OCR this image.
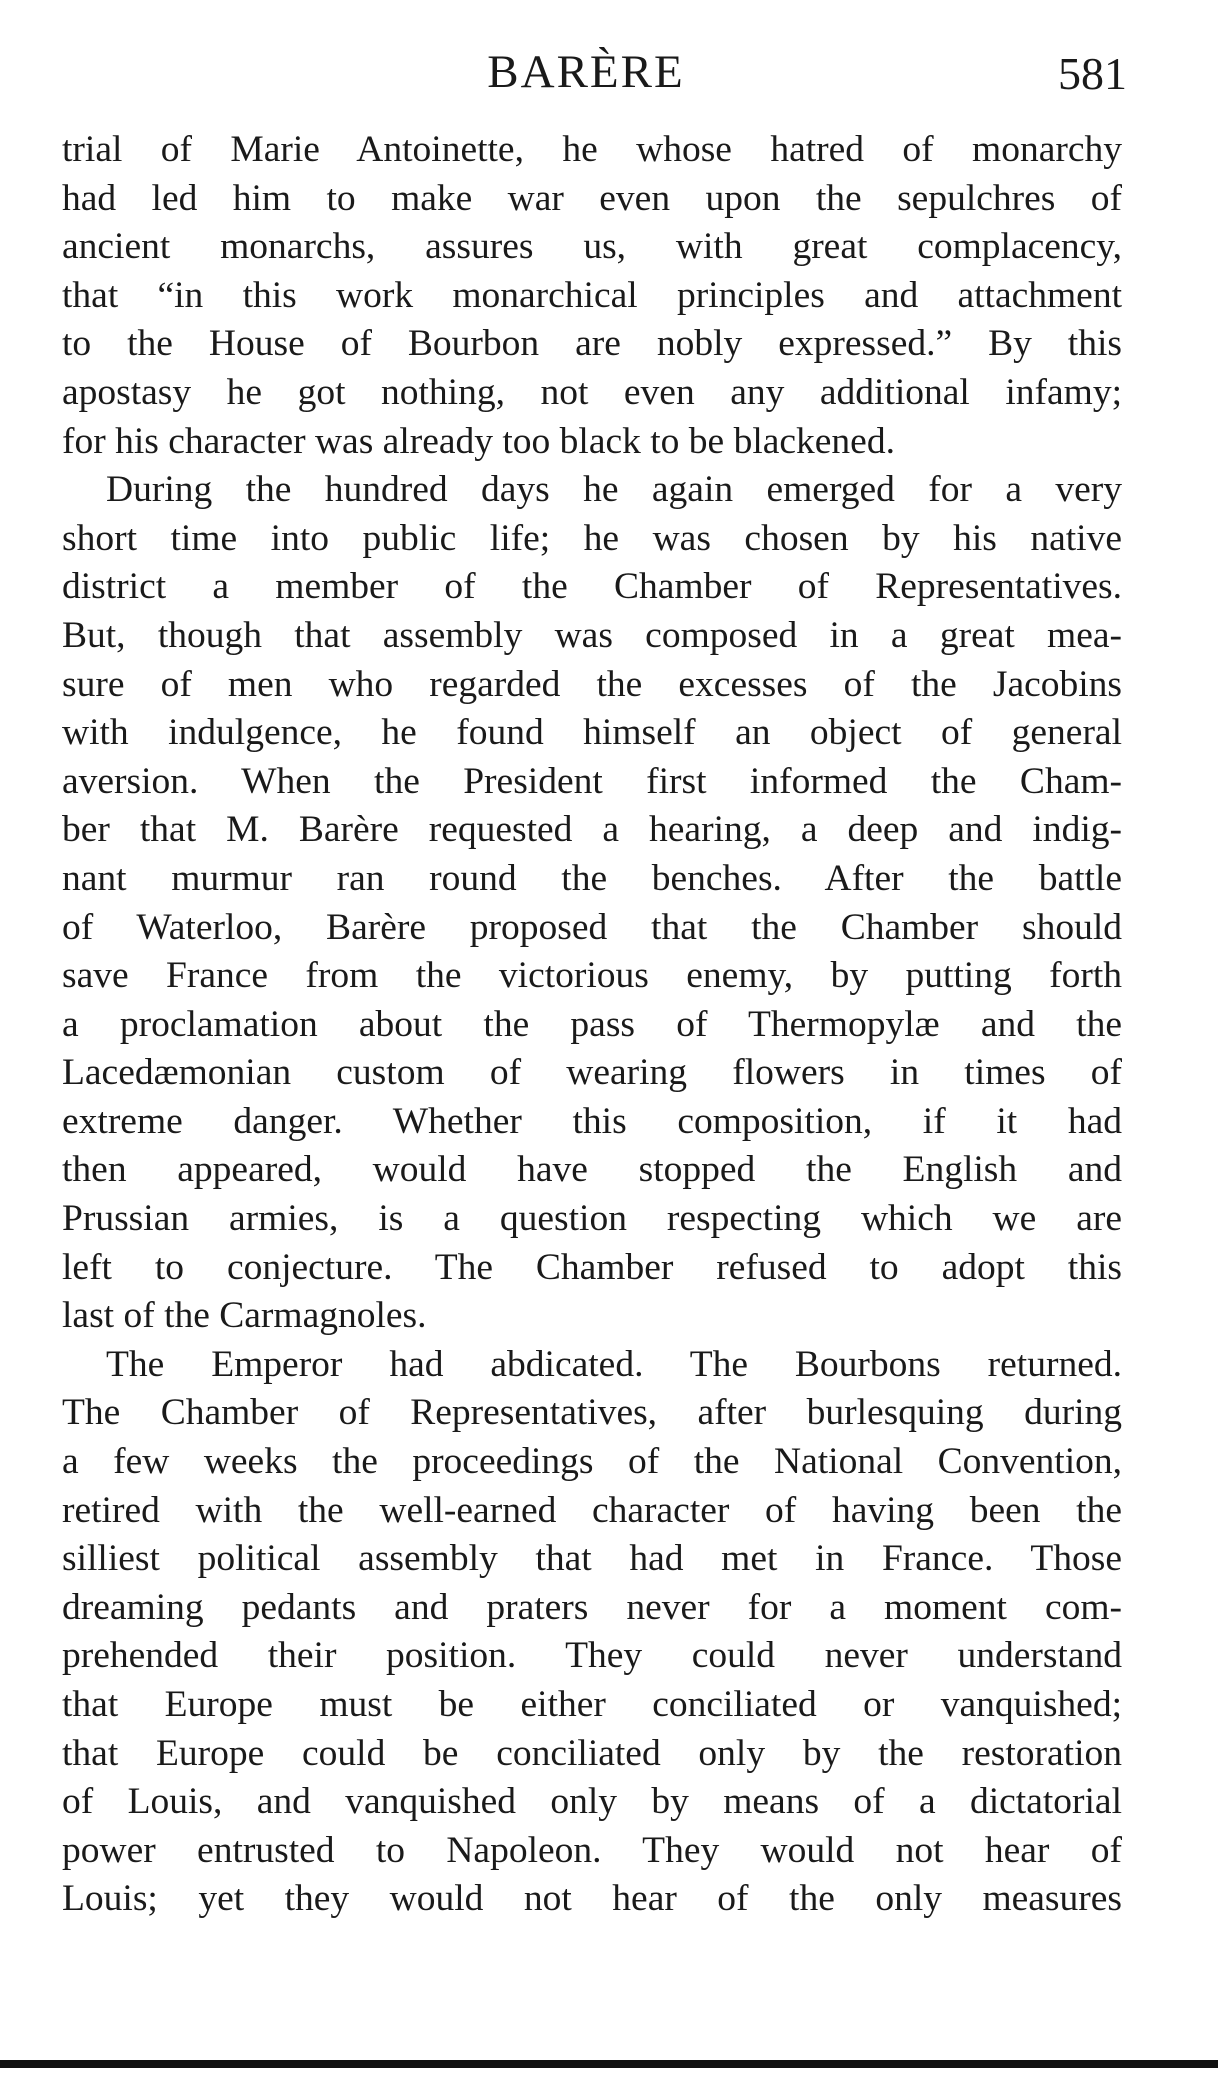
BARÈRE	581
trial of Marie Antoinette, he whose hatred of monarchy
had led him to make war even upon the sepulchres of
ancient monarchs, assures us, with great complacency,
that “in this work monarchical principles and attachment
to the House of Bourbon are nobly expressed.” By this
apostasy he got nothing, not even any additional infamy;
for his character was already too black to be blackened.
During the hundred days he again emerged for a very
short time into public life; he was chosen by his native
district a member of the Chamber of Representatives.
But, though that assembly was composed in a great mea-
sure of men who regarded the excesses of the Jacobins
with indulgence, he found himself an object of general
aversion. When the President first informed the Cham-
ber that M. Barère requested a hearing, a deep and indig-
nant murmur ran round the benches. After the battle
of Waterloo, Barère proposed that the Chamber should
save France from the victorious enemy, by putting forth
a proclamation about the pass of Thermopylæ and the
Lacedæmonian custom of wearing flowers in times of
extreme danger. Whether this composition, if it had
then appeared, would have stopped the English and
Prussian armies, is a question respecting which we are
left to conjecture. The Chamber refused to adopt this
last of the Carmagnoles.
The Emperor had abdicated. The Bourbons returned.
The Chamber of Representatives, after burlesquing during
a few weeks the proceedings of the National Convention,
retired with the well-earned character of having been the
silliest political assembly that had met in France. Those
dreaming pedants and praters never for a moment com-
prehended their position. They could never understand
that Europe must be either conciliated or vanquished;
that Europe could be conciliated only by the restoration
of Louis, and vanquished only by means of a dictatorial
power entrusted to Napoleon. They would not hear of
Louis; yet they would not hear of the only measures
